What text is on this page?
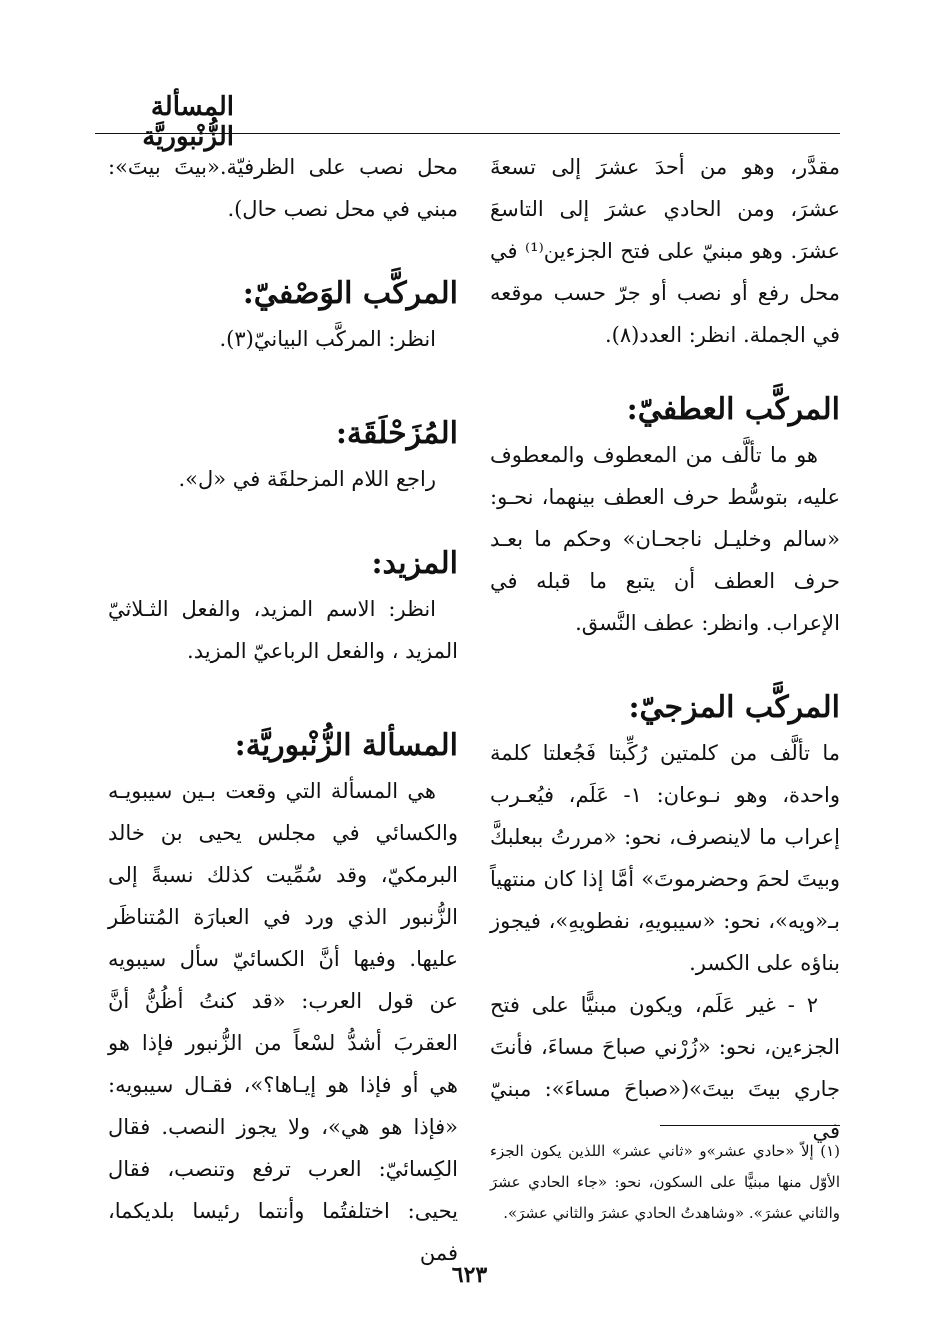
المسألة الزُّنْبوريَّة

مقدَّر، وهو من أحدَ عشرَ إلى تسعةَ عشرَ، ومن الحادي عشرَ إلى التاسعَ عشرَ. وهو مبنيّ على فتح الجزءين⁽¹⁾ في محل رفع أو نصب أو جرّ حسب موقعه في الجملة. انظر: العدد(٨).

المركَّب العطفيّ:

هو ما تألَّف من المعطوف والمعطوف عليه، بتوسُّط حرف العطف بينهما، نحـو: «سالم وخليـل ناجحـان» وحكم ما بعـد حرف العطف أن يتبع ما قبله في الإعراب. وانظر: عطف النَّسق.

المركَّب المزجيّ:

ما تألَّف من كلمتين رُكِّبتا فَجُعلتا كلمة واحدة، وهو نـوعان: ١- عَلَم، فيُعـرب إعراب ما لاينصرف، نحو: «مررتُ ببعلبكَّ وبيتَ لحمَ وحضرموتَ» أمَّا إذا كان منتهياً بـ«ويه»، نحو: «سيبويهِ، نفطويهِ»، فيجوز بناؤه على الكسر.

٢ - غير عَلَم، ويكون مبنيًّا على فتح الجزءين، نحو: «زُرْني صباحَ مساءَ، فأنتَ جاري بيتَ بيتَ»(«صباحَ مساءَ»: مبنيّ في

محل نصب على الظرفيّة.«بيتَ بيتَ»: مبني في محل نصب حال).

المركَّب الوَصْفيّ:

انظر: المركَّب البيانيّ(٣).

المُزَحْلَقَة:

راجع اللام المزحلقَة في «ل».

المزيد:

انظر: الاسم المزيد، والفعل الثـلاثيّ المزيد ، والفعل الرباعيّ المزيد.

المسألة الزُّنْبوريَّة:

هي المسألة التي وقعت بـين سيبويـه والكسائي في مجلس يحيى بن خالد البرمكيّ، وقد سُمِّيت كذلك نسبةً إلى الزُّنبور الذي ورد في العبارَة المُتناظَر عليها. وفيها أنَّ الكسائيّ سأل سيبويه عن قول العرب: «قد كنتُ أظُنُّ أنَّ العقربَ أشدُّ لسْعاً من الزُّنبور فإذا هو هي أو فإذا هو إيـاها؟»، فقـال سيبويه: «فإذا هو هي»، ولا يجوز النصب. فقال الكِسائيّ: العرب ترفع وتنصب، فقال يحيى: اختلفتُما وأنتما رئيسا بلديكما، فمن

(١) إلاّ «حادي عشر»و «ثاني عشر» اللذين يكون الجزء الأوّل منها مبنيًّا على السكون، نحو: «جاء الحادي عشرَ والثاني عشرَ». «وشاهدتُ الحادي عشرَ والثاني عشرَ».
٦٢٣
